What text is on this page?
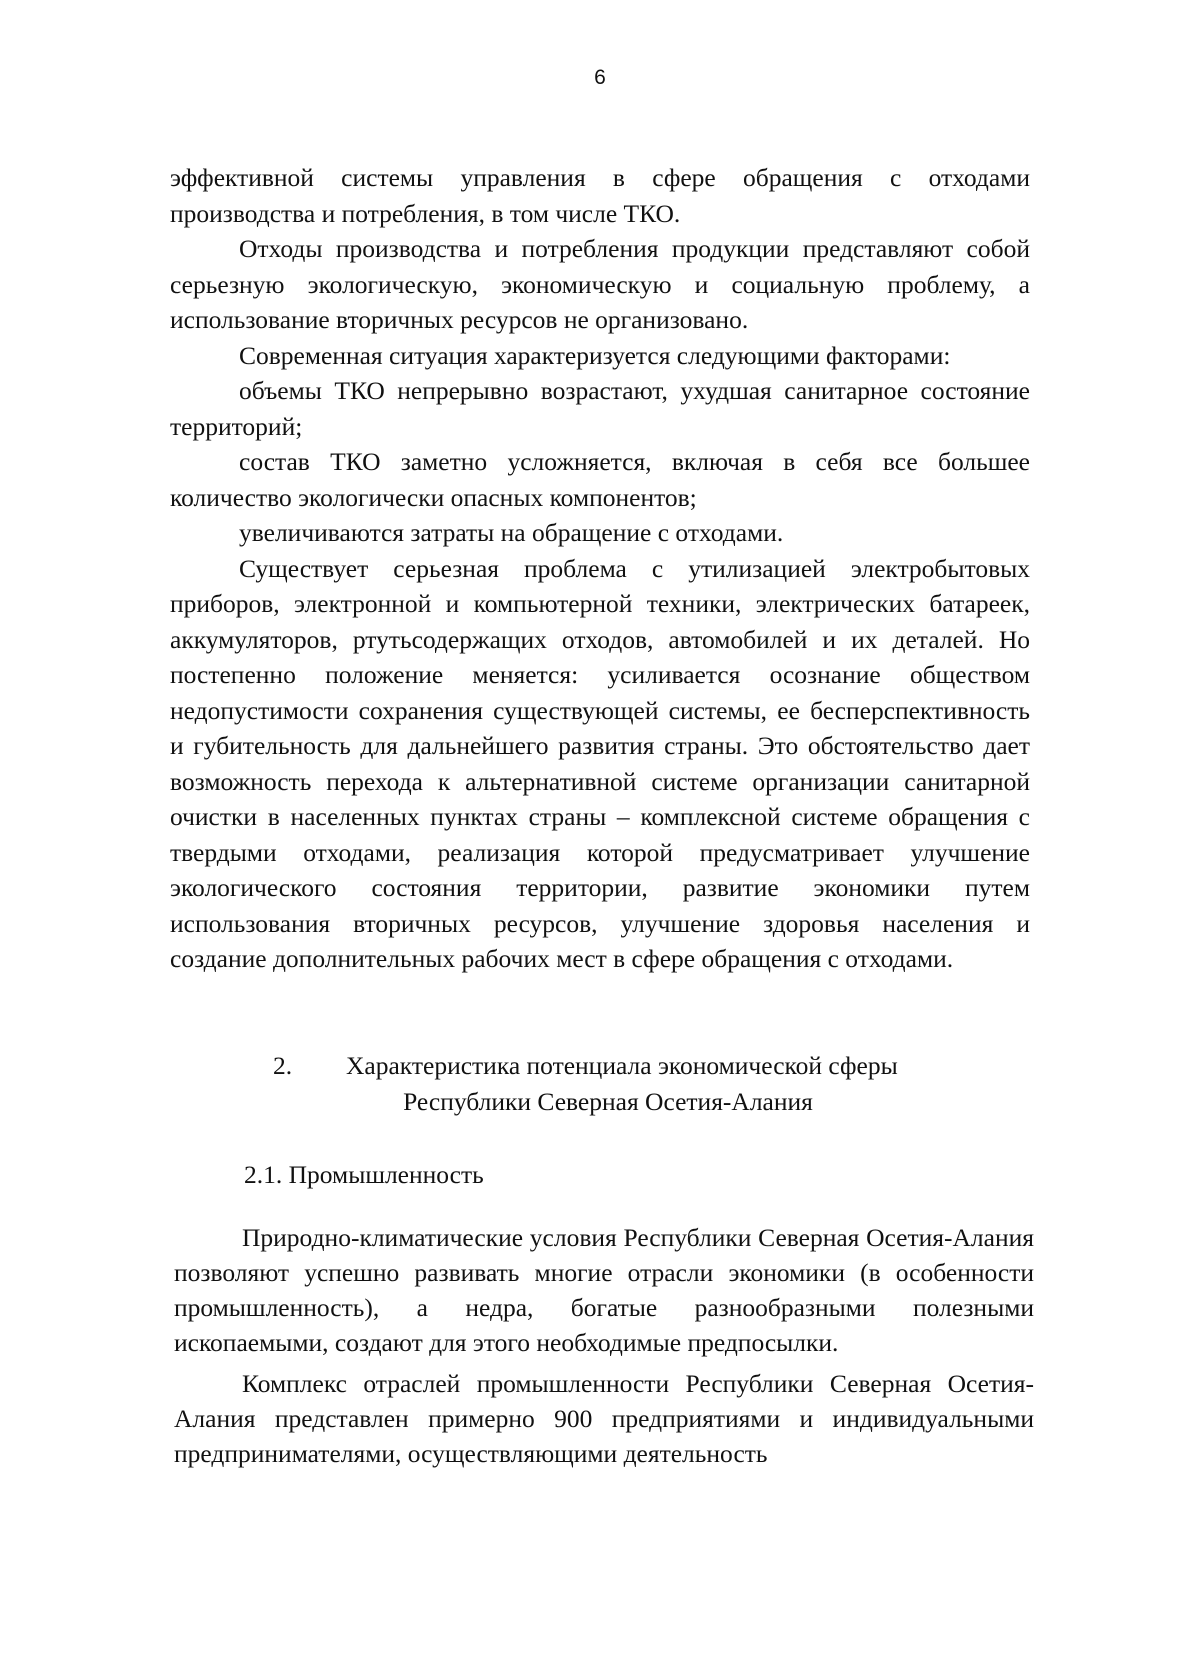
6

эффективной системы управления в сфере обращения с отходами производства и потребления, в том числе ТКО.

Отходы производства и потребления продукции представляют собой серьезную экологическую, экономическую и социальную проблему, а использование вторичных ресурсов не организовано.

Современная ситуация характеризуется следующими факторами:

объемы ТКО непрерывно возрастают, ухудшая санитарное состояние территорий;

состав ТКО заметно усложняется, включая в себя все большее количество экологически опасных компонентов;

увеличиваются затраты на обращение с отходами.

Существует серьезная проблема с утилизацией электробытовых приборов, электронной и компьютерной техники, электрических батареек, аккумуляторов, ртутьсодержащих отходов, автомобилей и их деталей. Но постепенно положение меняется: усиливается осознание обществом недопустимости сохранения существующей системы, ее бесперспективность и губительность для дальнейшего развития страны. Это обстоятельство дает возможность перехода к альтернативной системе организации санитарной очистки в населенных пунктах страны – комплексной системе обращения с твердыми отходами, реализация которой предусматривает улучшение экологического состояния территории, развитие экономики путем использования вторичных ресурсов, улучшение здоровья населения и создание дополнительных рабочих мест в сфере обращения с отходами.

2. Характеристика потенциала экономической сферы
Республики Северная Осетия-Алания
2.1. Промышленность

Природно-климатические условия Республики Северная Осетия-Алания позволяют успешно развивать многие отрасли экономики (в особенности промышленность), а недра, богатые разнообразными полезными ископаемыми, создают для этого необходимые предпосылки.

Комплекс отраслей промышленности Республики Северная Осетия-Алания представлен примерно 900 предприятиями и индивидуальными предпринимателями, осуществляющими деятельность
